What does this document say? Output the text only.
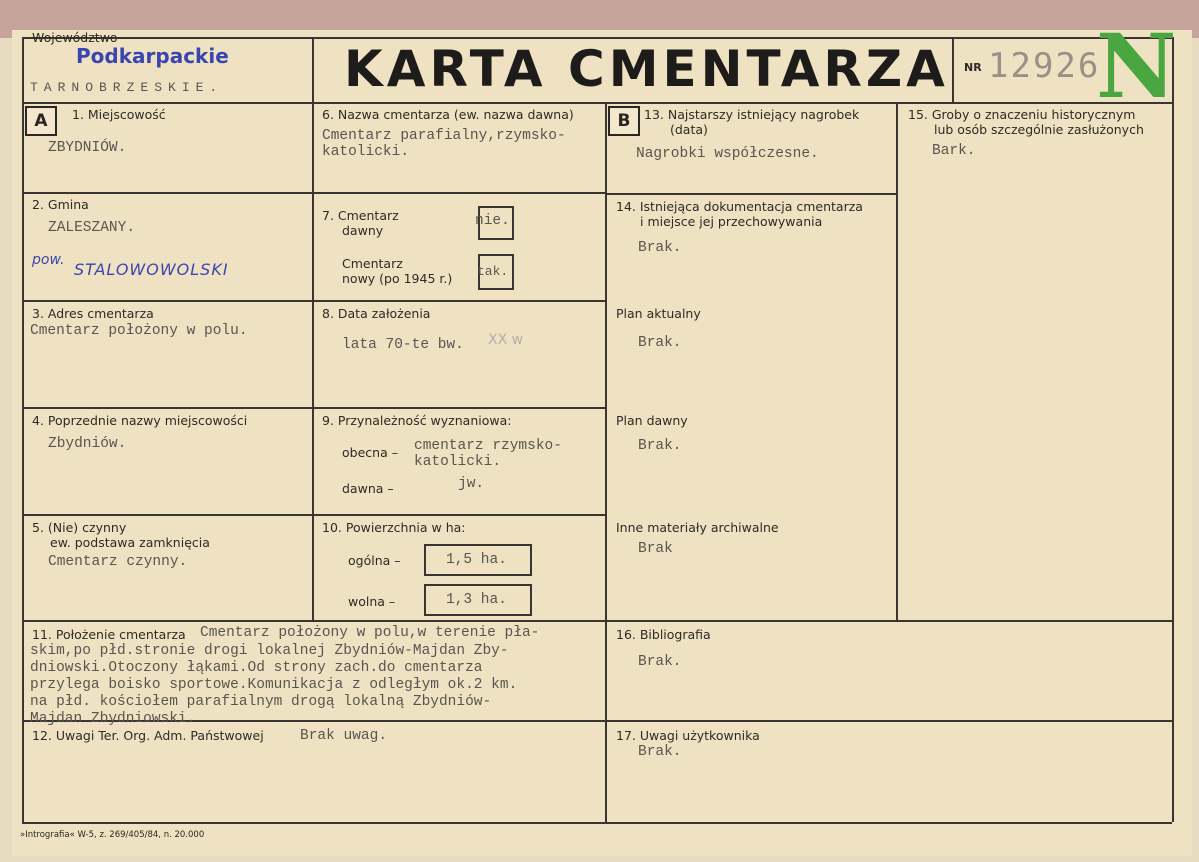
Województwo
Podkarpackie
TARNOBRZESKIE. KARTA CMENTARZA NR 12926
N
A	1. Miejscowość
ZBYDNIÓW.
2. Gmina
ZALESZANY.
pow. STALOWOWOLSKI
3. Adres cmentarza
Cmentarz położony w polu.
4. Poprzednie nazwy miejscowości
Zbydniów.
5. (Nie) czynny
ew. podstawa zamknięcia
Cmentarz czynny.
6. Nazwa cmentarza (ew. nazwa dawna)
Cmentarz parafialny,rzymsko-
katolicki.
7. Cmentarz
dawny
nie.
Cmentarz
nowy (po 1945 r.) tak.
8. Data założenia
lata 70-te bw. XX w
9. Przynależność wyznaniowa:
obecna – cmentarz rzymsko-
katolicki.
dawna –	jw.
10. Powierzchnia w ha:
ogólna –	1,5 ha.
wolna –	1,3 ha.
B	13. Najstarszy istniejący nagrobek
(data)
Nagrobki współczesne.
14. Istniejąca dokumentacja cmentarza
i miejsce jej przechowywania
Brak.
Plan aktualny
Brak.
Plan dawny
Brak.
Inne materiały archiwalne
Brak
15. Groby o znaczeniu historycznym
lub osób szczególnie zasłużonych
Bark.
11. Położenie cmentarza Cmentarz położony w polu,w terenie pła-
skim,po płd.stronie drogi lokalnej Zbydniów-Majdan Zby-
dniowski.Otoczony łąkami.Od strony zach.do cmentarza
przylega boisko sportowe.Komunikacja z odległym ok.2 km.
na płd. kościołem parafialnym drogą lokalną Zbydniów-
Majdan Zbydniowski.
16. Bibliografia
Brak.
12. Uwagi Ter. Org. Adm. Państwowej	Brak uwag.	17. Uwagi użytkownika
Brak.
»Intrografia« W-5, z. 269/405/84, n. 20.000
